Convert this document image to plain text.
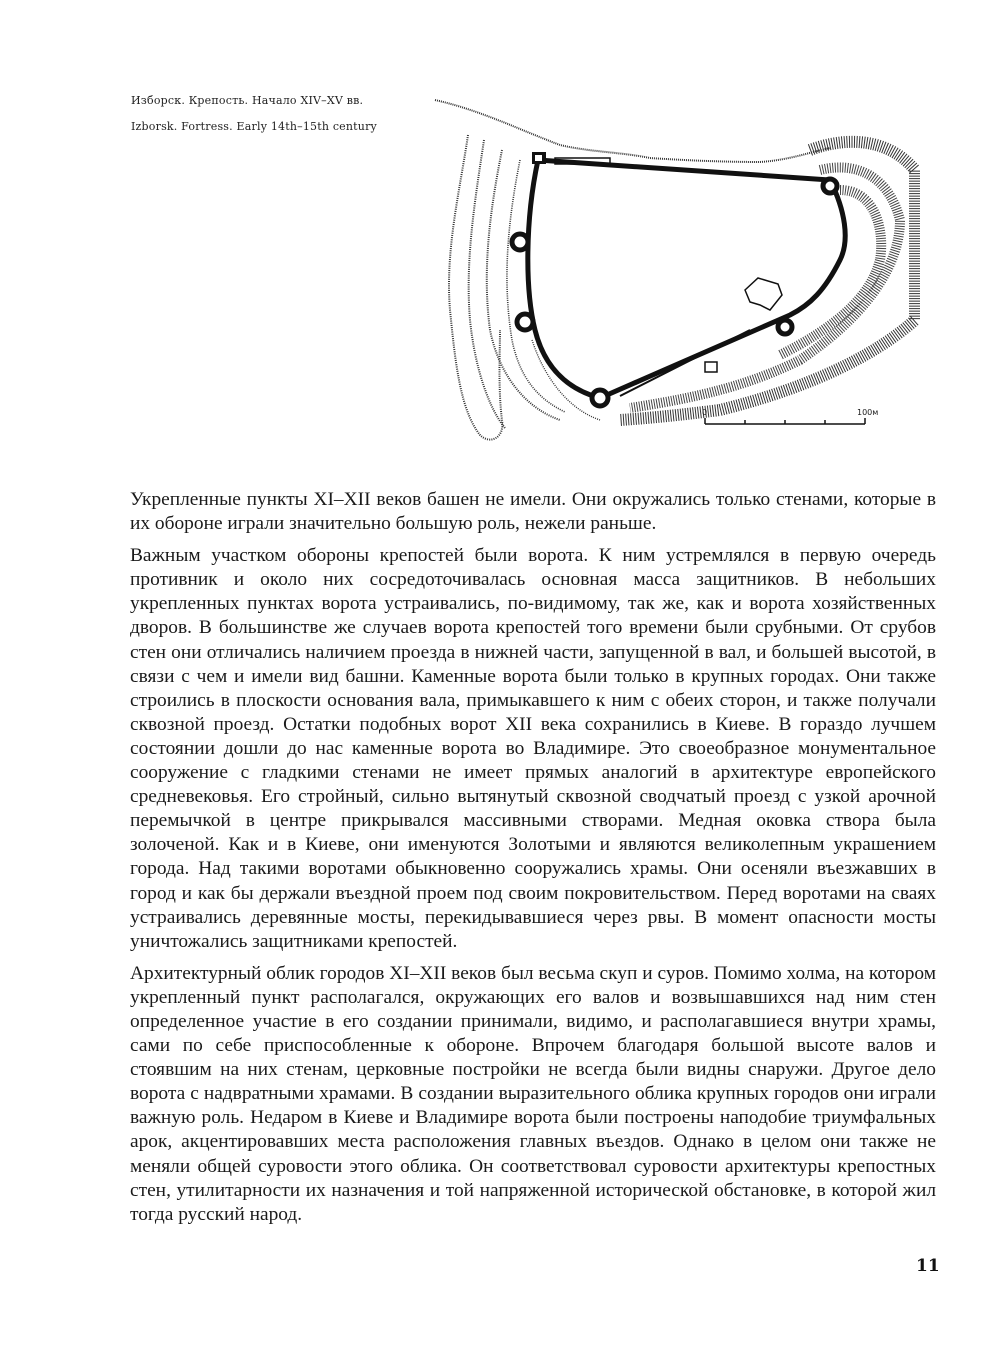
Изборск. Крепость. Начало XIV–XV вв.
Izborsk. Fortress. Early 14th–15th century
0	100м

Укрепленные пункты XI–XII веков башен не имели. Они окружались только стенами, которые в их обороне играли значительно большую роль, нежели раньше.

Важным участком обороны крепостей были ворота. К ним устремлялся в первую очередь противник и около них сосредоточивалась основная масса защитников. В небольших укрепленных пунктах ворота устраивались, по-видимому, так же, как и ворота хозяйственных дворов. В большинстве же случаев ворота крепостей того времени были срубными. От срубов стен они отличались наличием проезда в нижней части, запущенной в вал, и большей высотой, в связи с чем и имели вид башни. Каменные ворота были только в крупных городах. Они также строились в плоскости основания вала, примыкавшего к ним с обеих сторон, и также получали сквозной проезд. Остатки подобных ворот XII века сохранились в Киеве. В гораздо лучшем состоянии дошли до нас каменные ворота во Владимире. Это своеобразное монументальное сооружение с гладкими стенами не имеет прямых аналогий в архитектуре европейского средневековья. Его стройный, сильно вытянутый сквозной сводчатый проезд с узкой арочной перемычкой в центре прикрывался массивными створами. Медная оковка створа была золоченой. Как и в Киеве, они именуются Золотыми и являются великолепным украшением города. Над такими воротами обыкновенно сооружались храмы. Они осеняли въезжавших в город и как бы держали въездной проем под своим покровительством. Перед воротами на сваях устраивались деревянные мосты, перекидывавшиеся через рвы. В момент опасности мосты уничтожались защитниками крепостей.

Архитектурный облик городов XI–XII веков был весьма скуп и суров. Помимо холма, на котором укрепленный пункт располагался, окружающих его валов и возвышавшихся над ним стен определенное участие в его создании принимали, видимо, и располагавшиеся внутри храмы, сами по себе приспособленные к обороне. Впрочем благодаря большой высоте валов и стоявшим на них стенам, церковные постройки не всегда были видны снаружи. Другое дело ворота с надвратными храмами. В создании выразительного облика крупных городов они играли важную роль. Недаром в Киеве и Владимире ворота были построены наподобие триумфальных арок, акцентировавших места расположения главных въездов. Однако в целом они также не меняли общей суровости этого облика. Он соответствовал суровости архитектуры крепостных стен, утилитарности их назначения и той напряженной исторической обстановке, в которой жил тогда русский народ.

11
